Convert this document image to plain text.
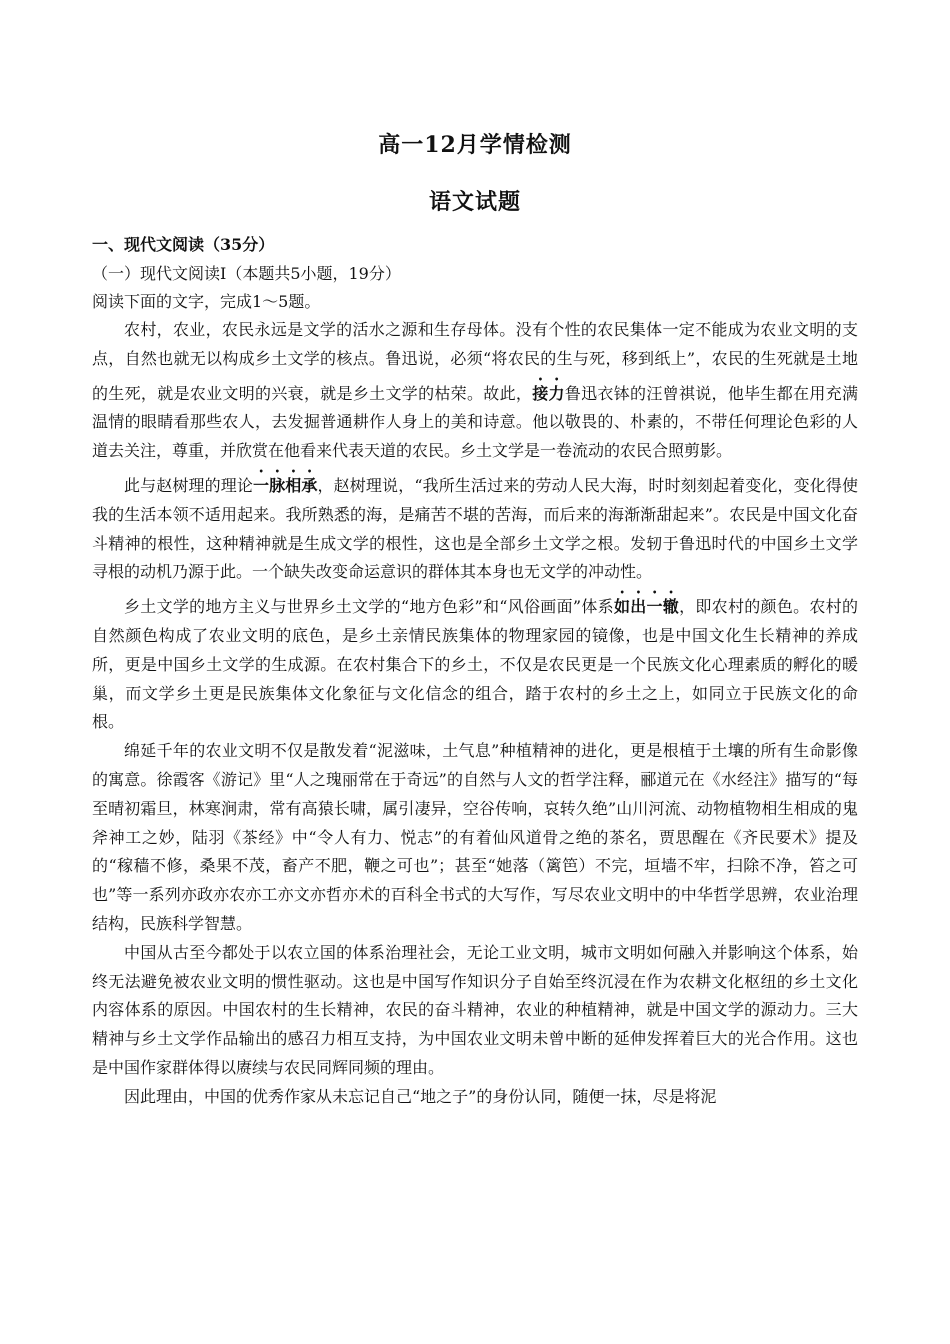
高一12月学情检测
语文试题
一、现代文阅读（35分）
（一）现代文阅读I（本题共5小题，19分）
阅读下面的文字，完成1～5题。

农村，农业，农民永远是文学的活水之源和生存母体。没有个性的农民集体一定不能成为农业文明的支点，自然也就无以构成乡土文学的核点。鲁迅说，必须“将农民的生与死，移到纸上”，农民的生死就是土地的生死，就是农业文明的兴衰，就是乡土文学的枯荣。故此，接力鲁迅衣钵的汪曾祺说，他毕生都在用充满温情的眼睛看那些农人，去发掘普通耕作人身上的美和诗意。他以敬畏的、朴素的，不带任何理论色彩的人道去关注，尊重，并欣赏在他看来代表天道的农民。乡土文学是一卷流动的农民合照剪影。

此与赵树理的理论一脉相承，赵树理说，“我所生活过来的劳动人民大海，时时刻刻起着变化，变化得使我的生活本领不适用起来。我所熟悉的海，是痛苦不堪的苦海，而后来的海渐渐甜起来”。农民是中国文化奋斗精神的根性，这种精神就是生成文学的根性，这也是全部乡土文学之根。发轫于鲁迅时代的中国乡土文学寻根的动机乃源于此。一个缺失改变命运意识的群体其本身也无文学的冲动性。

乡土文学的地方主义与世界乡土文学的“地方色彩”和“风俗画面”体系如出一辙，即农村的颜色。农村的自然颜色构成了农业文明的底色，是乡土亲情民族集体的物理家园的镜像，也是中国文化生长精神的养成所，更是中国乡土文学的生成源。在农村集合下的乡土，不仅是农民更是一个民族文化心理素质的孵化的暖巢，而文学乡土更是民族集体文化象征与文化信念的组合，踏于农村的乡土之上，如同立于民族文化的命根。

绵延千年的农业文明不仅是散发着“泥滋味，土气息”种植精神的进化，更是根植于土壤的所有生命影像的寓意。徐霞客《游记》里“人之瑰丽常在于奇远”的自然与人文的哲学注释，郦道元在《水经注》描写的“每至晴初霜旦，林寒涧肃，常有高猿长啸，属引凄异，空谷传响，哀转久绝”山川河流、动物植物相生相成的鬼斧神工之妙，陆羽《茶经》中“令人有力、悦志”的有着仙风道骨之绝的茶名，贾思醒在《齐民要术》提及的“稼穑不修，桑果不茂，畜产不肥，鞭之可也”；甚至“她落（篱笆）不完，垣墙不牢，扫除不净，笞之可也”等一系列亦政亦农亦工亦文亦哲亦术的百科全书式的大写作，写尽农业文明中的中华哲学思辨，农业治理结构，民族科学智慧。

中国从古至今都处于以农立国的体系治理社会，无论工业文明，城市文明如何融入并影响这个体系，始终无法避免被农业文明的惯性驱动。这也是中国写作知识分子自始至终沉浸在作为农耕文化枢纽的乡土文化内容体系的原因。中国农村的生长精神，农民的奋斗精神，农业的种植精神，就是中国文学的源动力。三大精神与乡土文学作品输出的感召力相互支持，为中国农业文明未曾中断的延伸发挥着巨大的光合作用。这也是中国作家群体得以赓续与农民同辉同频的理由。

因此理由，中国的优秀作家从未忘记自己“地之子”的身份认同，随便一抹，尽是将泥
